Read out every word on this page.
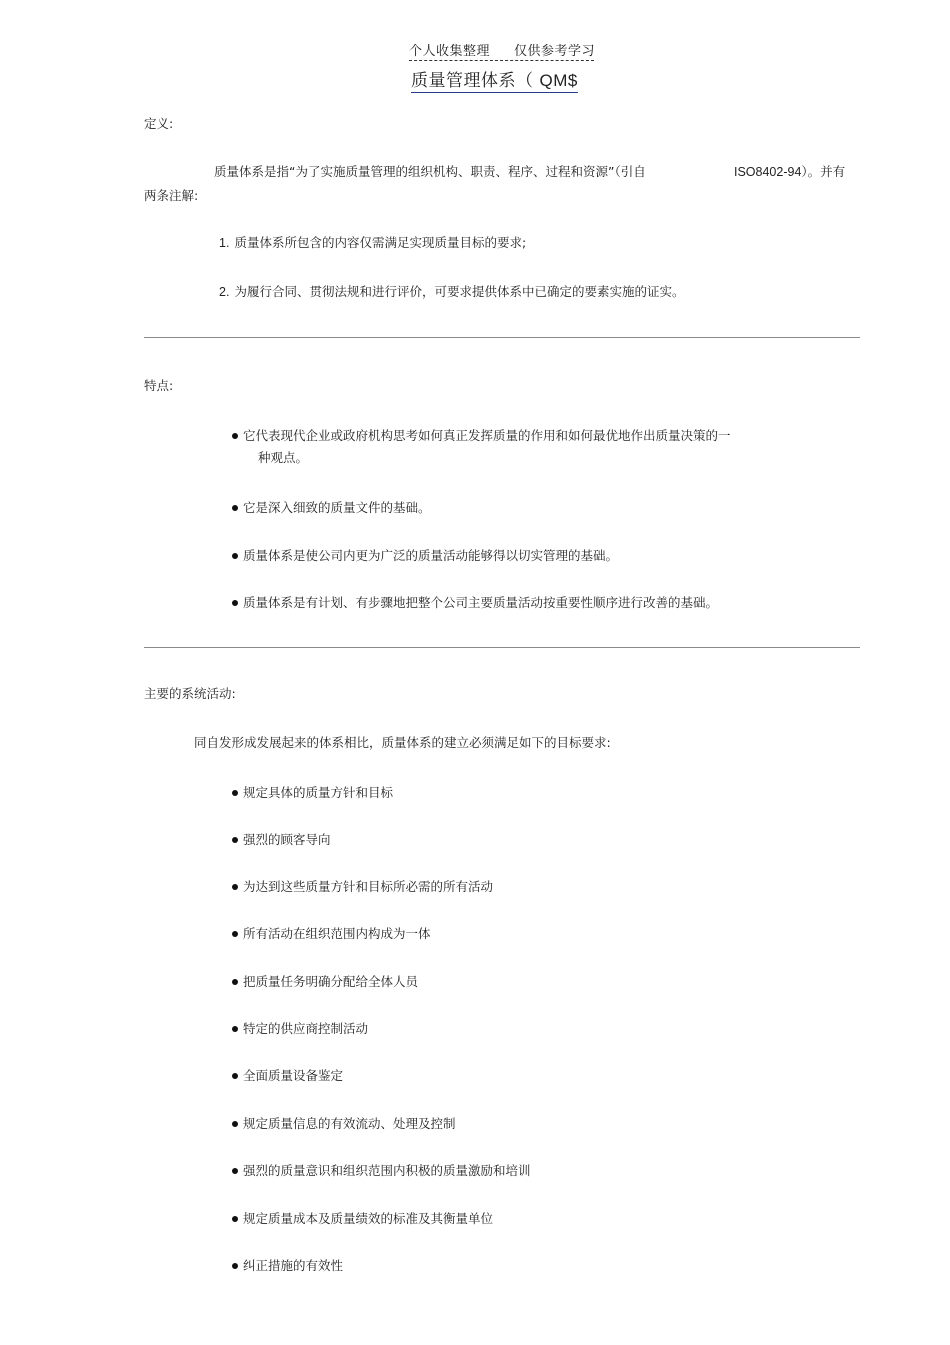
个人收集整理 仅供参考学习
质量管理体系（ QM$
定义:
质量体系是指“为了实施质量管理的组织机构、职责、程序、过程和资源”（引自	ISO8402-94）。并有
两条注解:
1. 质量体系所包含的内容仅需满足实现质量目标的要求;
2. 为履行合同、贯彻法规和进行评价，可要求提供体系中已确定的要素实施的证实。
特点:
它代表现代企业或政府机构思考如何真正发挥质量的作用和如何最优地作出质量决策的一
种观点。
它是深入细致的质量文件的基础。
质量体系是使公司内更为广泛的质量活动能够得以切实管理的基础。
质量体系是有计划、有步骤地把整个公司主要质量活动按重要性顺序进行改善的基础。
主要的系统活动:
同自发形成发展起来的体系相比，质量体系的建立必须满足如下的目标要求:
规定具体的质量方针和目标
强烈的顾客导向
为达到这些质量方针和目标所必需的所有活动
所有活动在组织范围内构成为一体
把质量任务明确分配给全体人员
特定的供应商控制活动
全面质量设备鉴定
规定质量信息的有效流动、处理及控制
强烈的质量意识和组织范围内积极的质量激励和培训
规定质量成本及质量绩效的标准及其衡量单位
纠正措施的有效性
